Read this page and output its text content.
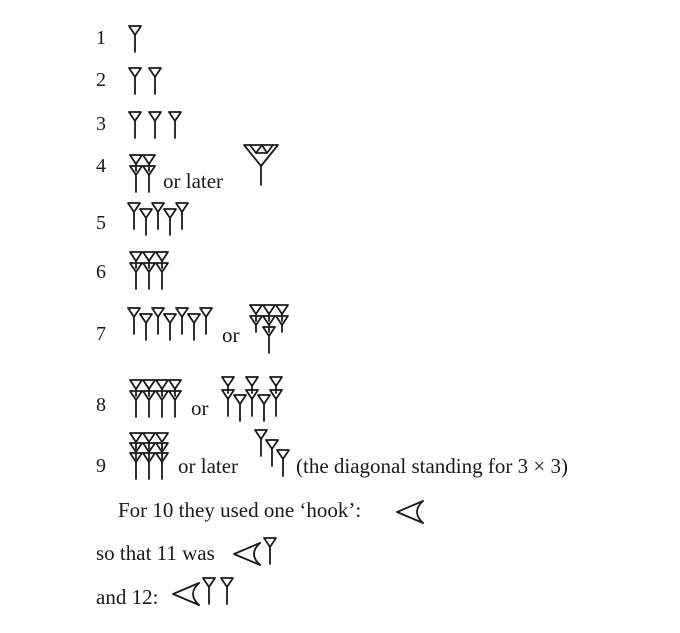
1
2
3
4
5
6
7
8
9
or later
or
or
or later	(the diagonal standing for 3 × 3)
For 10 they used one ‘hook’:
so that 11 was
and 12:
